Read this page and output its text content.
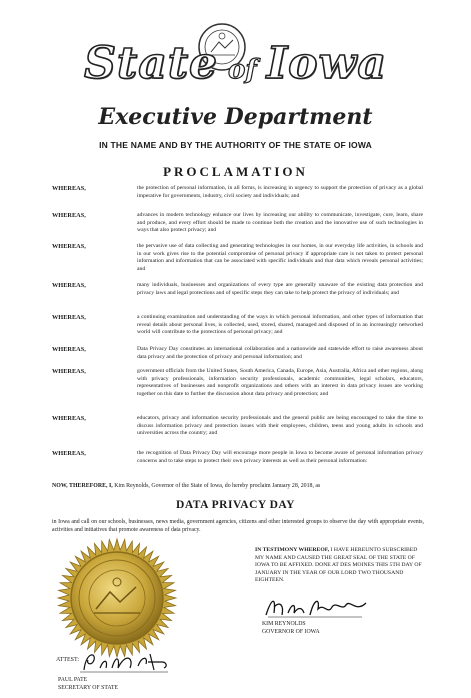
State of Iowa
Executive Department
IN THE NAME AND BY THE AUTHORITY OF THE STATE OF IOWA
PROCLAMATION
WHEREAS,	the protection of personal information, in all forms, is increasing in urgency to support the protection of privacy as a global imperative for governments, industry, civil society and individuals; and
WHEREAS,	advances in modern technology enhance our lives by increasing our ability to communicate, investigate, cure, learn, share and produce, and every effort should be made to continue both the creation and the innovative use of such technologies in ways that also protect privacy; and
WHEREAS,	the pervasive use of data collecting and generating technologies in our homes, in our everyday life activities, in schools and in our work gives rise to the potential compromise of personal privacy if appropriate care is not taken to protect personal information and information that can be associated with specific individuals and that data which reveals personal activities; and
WHEREAS,	many individuals, businesses and organizations of every type are generally unaware of the existing data protection and privacy laws and legal protections and of specific steps they can take to help protect the privacy of individuals; and
WHEREAS,	a continuing examination and understanding of the ways in which personal information, and other types of information that reveal details about personal lives, is collected, used, stored, shared, managed and disposed of in an increasingly networked world will contribute to the protections of personal privacy; and
WHEREAS,	Data Privacy Day constitutes an international collaboration and a nationwide and statewide effort to raise awareness about data privacy and the protection of privacy and personal information; and
WHEREAS,	government officials from the United States, South America, Canada, Europe, Asia, Australia, Africa and other regions, along with privacy professionals, information security professionals, academic communities, legal scholars, educators, representatives of businesses and nonprofit organizations and others with an interest in data privacy issues are working together on this date to further the discussion about data privacy and protection; and
WHEREAS,	educators, privacy and information security professionals and the general public are being encouraged to take the time to discuss information privacy and protection issues with their employees, children, teens and young adults in schools and universities across the country; and
WHEREAS,	the recognition of Data Privacy Day will encourage more people in Iowa to become aware of personal information privacy concerns and to take steps to protect their own privacy interests as well as their personal information:
NOW, THEREFORE, I, Kim Reynolds, Governor of the State of Iowa, do hereby proclaim January 28, 2018, as
DATA PRIVACY DAY
in Iowa and call on our schools, businesses, news media, government agencies, citizens and other interested groups to observe the day with appropriate events, activities and initiatives that promote awareness of data privacy.
IN TESTIMONY WHEREOF, I HAVE HEREUNTO SUBSCRIBED MY NAME AND CAUSED THE GREAT SEAL OF THE STATE OF IOWA TO BE AFFIXED. DONE AT DES MOINES THIS 5TH DAY OF JANUARY IN THE YEAR OF OUR LORD TWO THOUSAND EIGHTEEN.
KIM REYNOLDS
GOVERNOR OF IOWA
ATTEST:
PAUL PATE
SECRETARY OF STATE
